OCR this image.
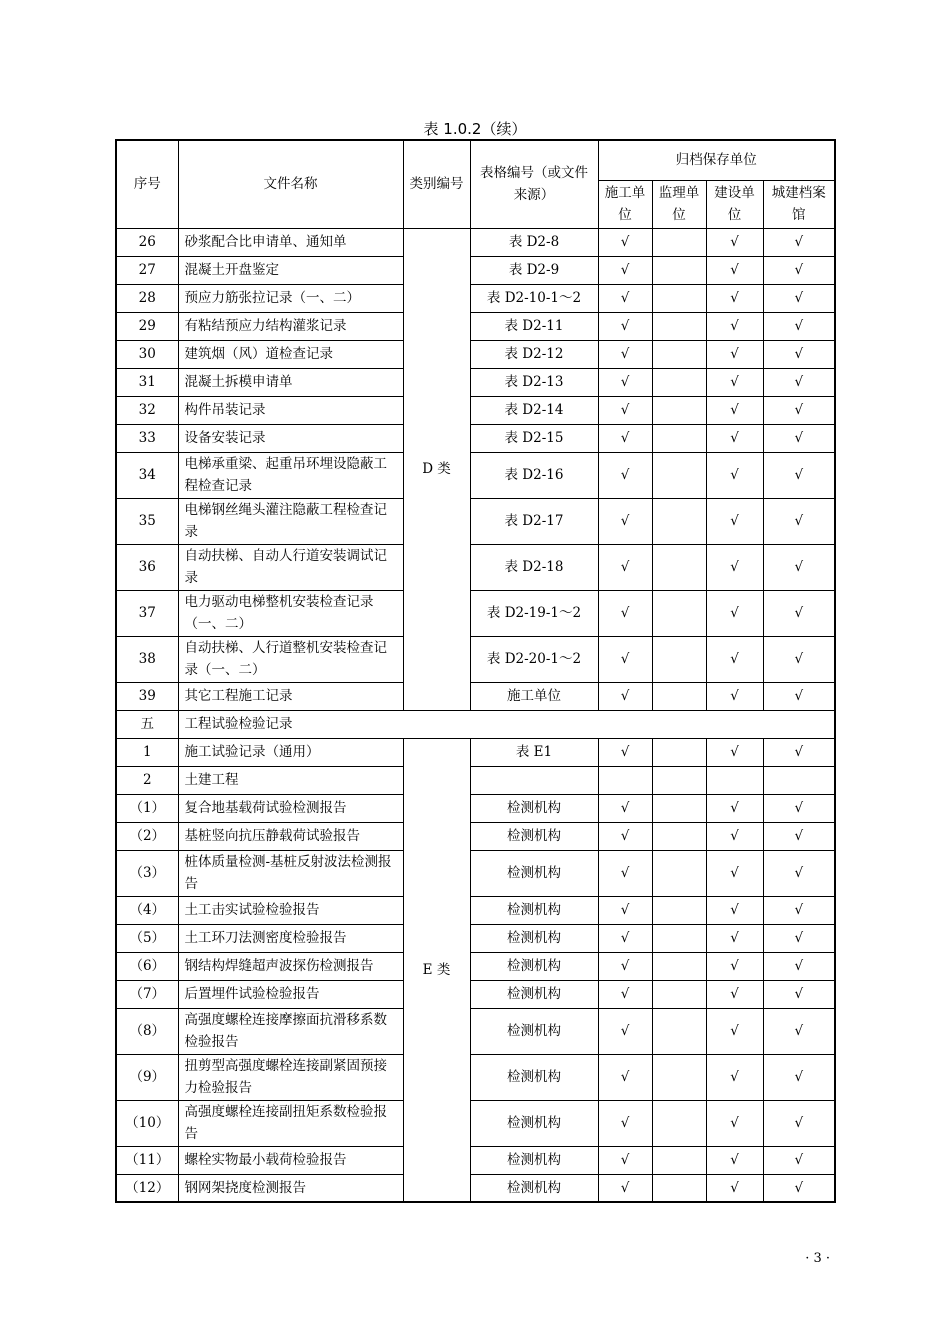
表 1.0.2（续）
序号	文件名称	类别编号	表格编号（或文件来源）	归档保存单位			
				施工单位	监理单位	建设单位	城建档案馆
26	砂浆配合比申请单、通知单	D 类	表 D2-8	√		√	√
27	混凝土开盘鉴定		表 D2-9	√		√	√
28	预应力筋张拉记录（一、二）		表 D2-10-1～2	√		√	√
29	有粘结预应力结构灌浆记录		表 D2-11	√		√	√
30	建筑烟（风）道检查记录		表 D2-12	√		√	√
31	混凝土拆模申请单		表 D2-13	√		√	√
32	构件吊装记录		表 D2-14	√		√	√
33	设备安装记录		表 D2-15	√		√	√
34	电梯承重梁、起重吊环埋设隐蔽工程检查记录		表 D2-16	√		√	√
35	电梯钢丝绳头灌注隐蔽工程检查记录		表 D2-17	√		√	√
36	自动扶梯、自动人行道安装调试记录		表 D2-18	√		√	√
37	电力驱动电梯整机安装检查记录（一、二）		表 D2-19-1～2	√		√	√
38	自动扶梯、人行道整机安装检查记录（一、二）		表 D2-20-1～2	√		√	√
39	其它工程施工记录		施工单位	√		√	√
五	工程试验检验记录						
1	施工试验记录（通用）	E 类	表 E1	√		√	√
2	土建工程						
（1）	复合地基载荷试验检测报告		检测机构	√		√	√
（2）	基桩竖向抗压静载荷试验报告		检测机构	√		√	√
（3）	桩体质量检测-基桩反射波法检测报告		检测机构	√		√	√
（4）	土工击实试验检验报告		检测机构	√		√	√
（5）	土工环刀法测密度检验报告		检测机构	√		√	√
（6）	钢结构焊缝超声波探伤检测报告		检测机构	√		√	√
（7）	后置埋件试验检验报告		检测机构	√		√	√
（8）	高强度螺栓连接摩擦面抗滑移系数检验报告		检测机构	√		√	√
（9）	扭剪型高强度螺栓连接副紧固预接力检验报告		检测机构	√		√	√
（10）	高强度螺栓连接副扭矩系数检验报告		检测机构	√		√	√
（11）	螺栓实物最小载荷检验报告		检测机构	√		√	√
（12）	钢网架挠度检测报告		检测机构	√		√	√
· 3 ·
